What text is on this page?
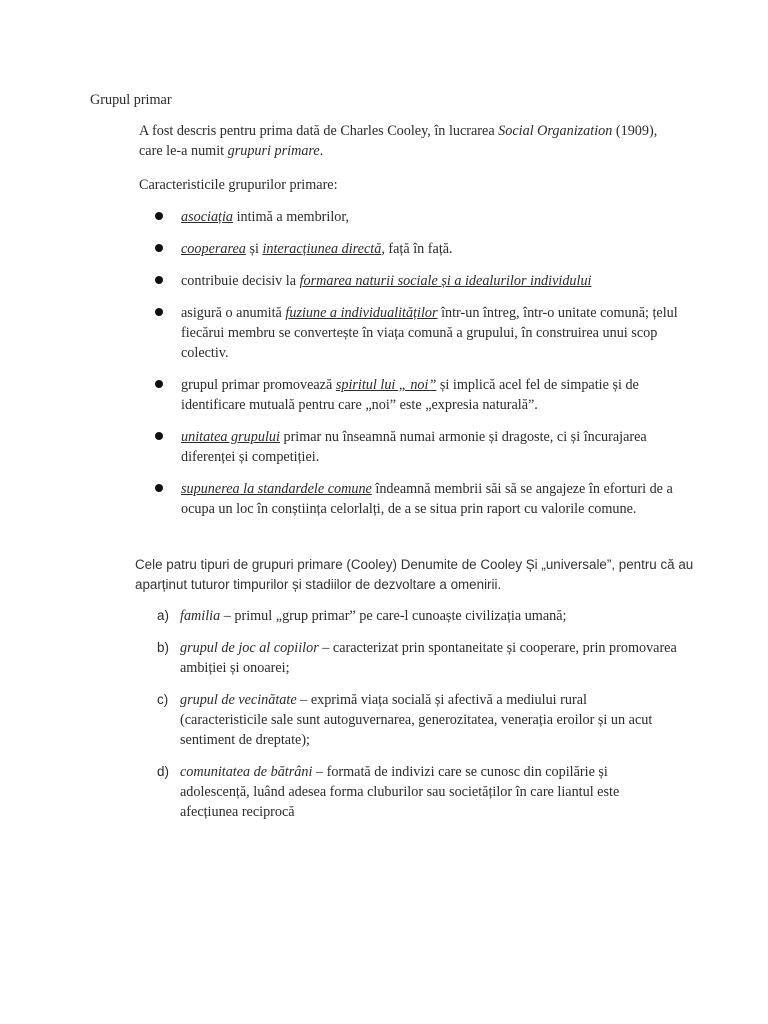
Grupul primar

A fost descris pentru prima dată de Charles Cooley, în lucrarea Social Organization (1909), care le-a numit grupuri primare.

Caracteristicile grupurilor primare:

asociația intimă a membrilor,
cooperarea și interacțiunea directă, față în față.
contribuie decisiv la formarea naturii sociale și a idealurilor individului
asigură o anumită fuziune a individualităților într-un întreg, într-o unitate comună; țelul fiecărui membru se convertește în viața comună a grupului, în construirea unui scop colectiv.
grupul primar promovează spiritul lui „ noi” și implică acel fel de simpatie și de identificare mutuală pentru care „noi” este „expresia naturală”.
unitatea grupului primar nu înseamnă numai armonie și dragoste, ci și încurajarea diferenței și competiției.
supunerea la standardele comune îndeamnă membrii săi să se angajeze în eforturi de a ocupa un loc în conștiința celorlalți, de a se situa prin raport cu valorile comune.

Cele patru tipuri de grupuri primare (Cooley) Denumite de Cooley Și „universale”, pentru că au aparținut tuturor timpurilor și stadiilor de dezvoltare a omenirii.

a) familia – primul „grup primar” pe care-l cunoaște civilizația umană;
b) grupul de joc al copiilor – caracterizat prin spontaneitate și cooperare, prin promovarea ambiției și onoarei;
c) grupul de vecinătate – exprimă viața socială și afectivă a mediului rural (caracteristicile sale sunt autoguvernarea, generozitatea, venerația eroilor și un acut sentiment de dreptate);
d) comunitatea de bătrâni – formată de indivizi care se cunosc din copilărie și adolescență, luând adesea forma cluburilor sau societăților în care liantul este afecțiunea reciprocă
